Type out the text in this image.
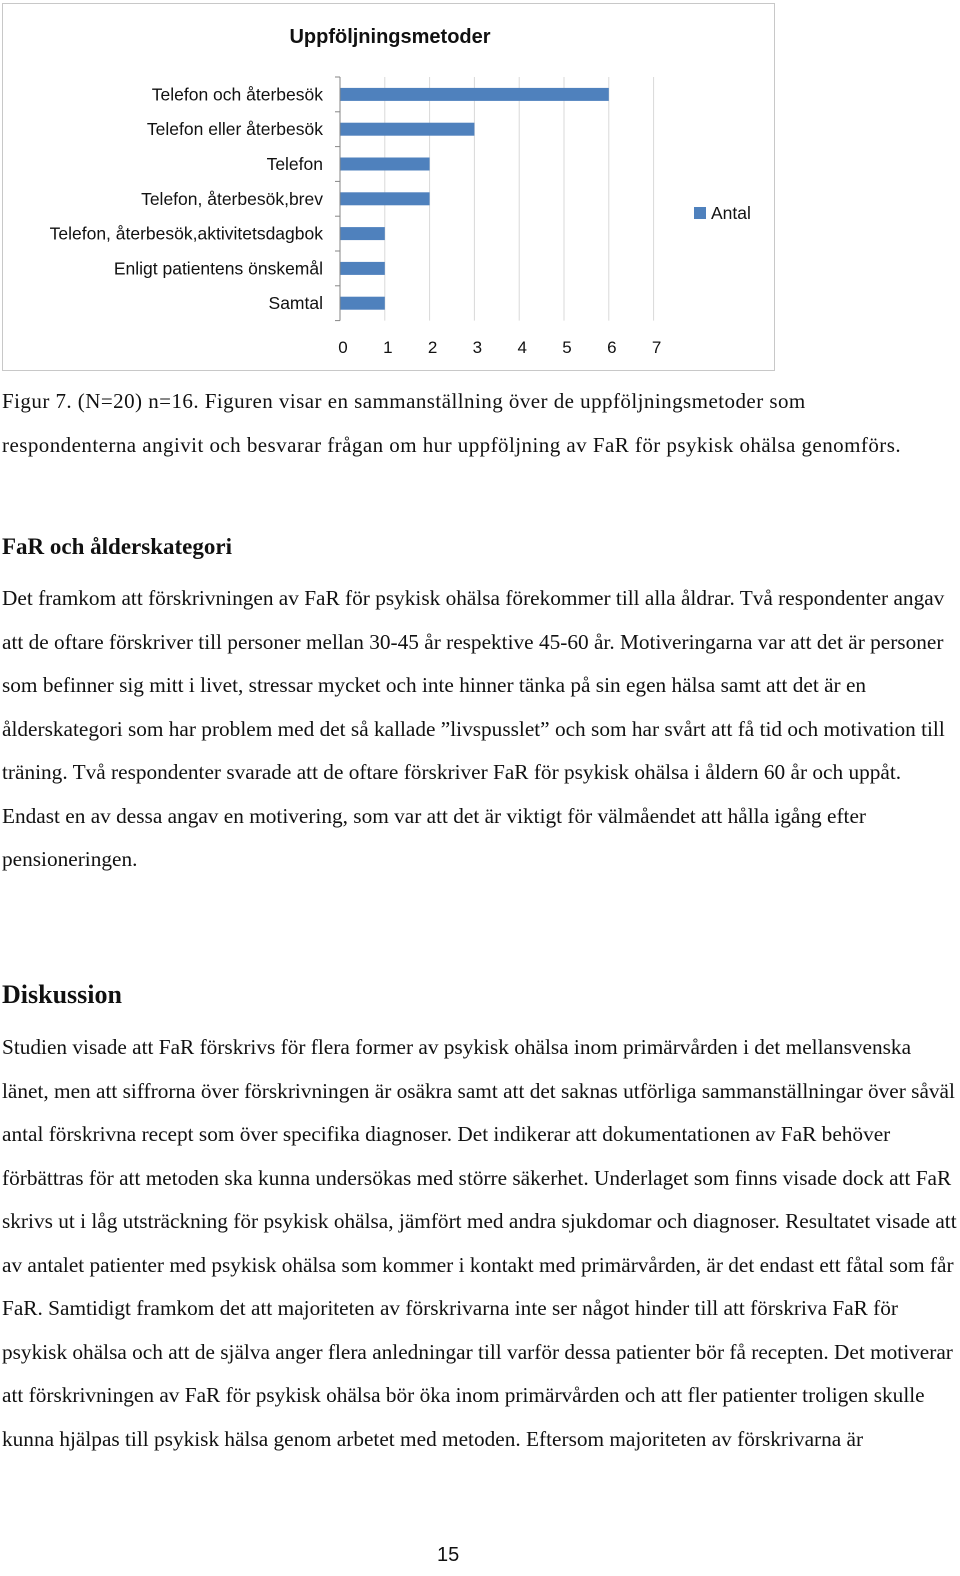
Uppföljningsmetoder
Telefon och återbesök
Telefon eller återbesök
Telefon
Telefon, återbesök,brev
Telefon, återbesök,aktivitetsdagbok
Enligt patientens önskemål
Samtal
0 1 2 3 4 5 6 7
Antal

Figur 7. (N=20) n=16. Figuren visar en sammanställning över de uppföljningsmetoder som respondenterna angivit och besvarar frågan om hur uppföljning av FaR för psykisk ohälsa genomförs.

FaR och ålderskategori

Det framkom att förskrivningen av FaR för psykisk ohälsa förekommer till alla åldrar. Två respondenter angav att de oftare förskriver till personer mellan 30-45 år respektive 45-60 år. Motiveringarna var att det är personer som befinner sig mitt i livet, stressar mycket och inte hinner tänka på sin egen hälsa samt att det är en ålderskategori som har problem med det så kallade ”livspusslet” och som har svårt att få tid och motivation till träning. Två respondenter svarade att de oftare förskriver FaR för psykisk ohälsa i åldern 60 år och uppåt. Endast en av dessa angav en motivering, som var att det är viktigt för välmåendet att hålla igång efter pensioneringen.

Diskussion

Studien visade att FaR förskrivs för flera former av psykisk ohälsa inom primärvården i det mellansvenska länet, men att siffrorna över förskrivningen är osäkra samt att det saknas utförliga sammanställningar över såväl antal förskrivna recept som över specifika diagnoser. Det indikerar att dokumentationen av FaR behöver förbättras för att metoden ska kunna undersökas med större säkerhet. Underlaget som finns visade dock att FaR skrivs ut i låg utsträckning för psykisk ohälsa, jämfört med andra sjukdomar och diagnoser. Resultatet visade att av antalet patienter med psykisk ohälsa som kommer i kontakt med primärvården, är det endast ett fåtal som får FaR. Samtidigt framkom det att majoriteten av förskrivarna inte ser något hinder till att förskriva FaR för psykisk ohälsa och att de själva anger flera anledningar till varför dessa patienter bör få recepten. Det motiverar att förskrivningen av FaR för psykisk ohälsa bör öka inom primärvården och att fler patienter troligen skulle kunna hjälpas till psykisk hälsa genom arbetet med metoden. Eftersom majoriteten av förskrivarna är

15
